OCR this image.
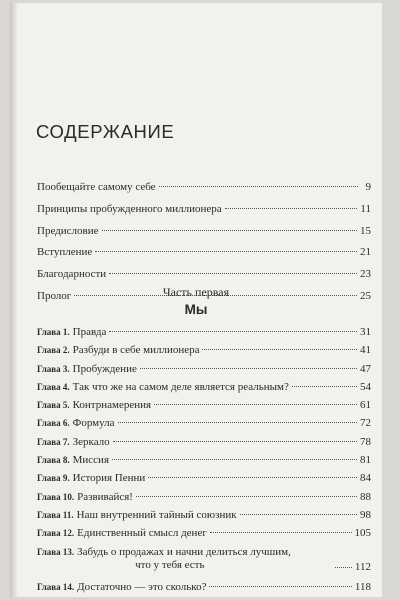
СОДЕРЖАНИЕ
Пообещайте самому себе	9
Принципы пробужденного миллионера	11
Предисловие	15
Вступление	21
Благодарности	23
Пролог	25
Часть первая
Мы
Глава 1. Правда	31
Глава 2. Разбуди в себе миллионера	41
Глава 3. Пробуждение	47
Глава 4. Так что же на самом деле является реальным?	54
Глава 5. Контрнамерения	61
Глава 6. Формула	72
Глава 7. Зеркало	78
Глава 8. Миссия	81
Глава 9. История Пенни	84
Глава 10. Развивайся!	88
Глава 11. Наш внутренний тайный союзник	98
Глава 12. Единственный смысл денег	105
Глава 13. Забудь о продажах и начни делиться лучшим,
что у тебя есть	112
Глава 14. Достаточно — это сколько?	118
